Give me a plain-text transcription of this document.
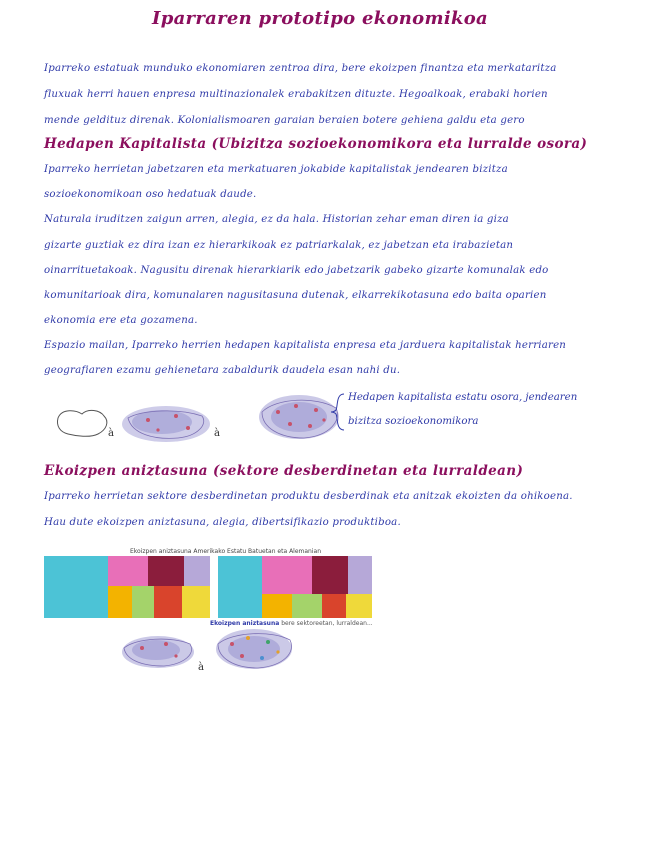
Iparraren prototipo ekonomikoa
Iparreko estatuak munduko ekonomiaren zentroa dira, bere ekoizpen finantza eta merkataritza
fluxuak herri hauen enpresa multinazionalek erabakitzen dituzte. Hegoalkoak, erabaki horien
mende geldituz direnak. Kolonialismoaren garaian beraien botere gehiena galdu eta gero
Hedapen Kapitalista (Ubizitza sozioekonomikora eta lurralde osora)
Iparreko herrietan jabetzaren eta merkatuaren jokabide kapitalistak jendearen bizitza
sozioekonomikoan oso hedatuak daude.
Naturala iruditzen zaigun arren, alegia, ez da hala. Historian zehar eman diren ia giza
gizarte guztiak ez dira izan ez hierarkikoak ez patriarkalak, ez jabetzan eta irabazietan
oinarrituetakoak. Nagusitu direnak hierarkiarik edo jabetzarik gabeko gizarte komunalak edo
komunitarioak dira, komunalaren nagusitasuna dutenak, elkarrekikotasuna edo baita oparien
ekonomia ere eta gozamena.
Espazio mailan, Iparreko herrien hedapen kapitalista enpresa eta jarduera kapitalistak herriaren
geografiaren ezamu gehienetara zabaldurik daudela esan nahi du.
à	à
Hedapen kapitalista estatu osora, jendearen
bizitza sozioekonomikora
Ekoizpen aniztasuna (sektore desberdinetan eta lurraldean)
Iparreko herrietan sektore desberdinetan produktu desberdinak eta anitzak ekoizten da ohikoena.
Hau dute ekoizpen aniztasuna, alegia, dibertsifikazio produktiboa.
Ekoizpen aniztasuna Amerikako Estatu Batuetan eta Alemanian
Ekoizpen aniztasuna bere sektoreetan, lurraldean...
à
